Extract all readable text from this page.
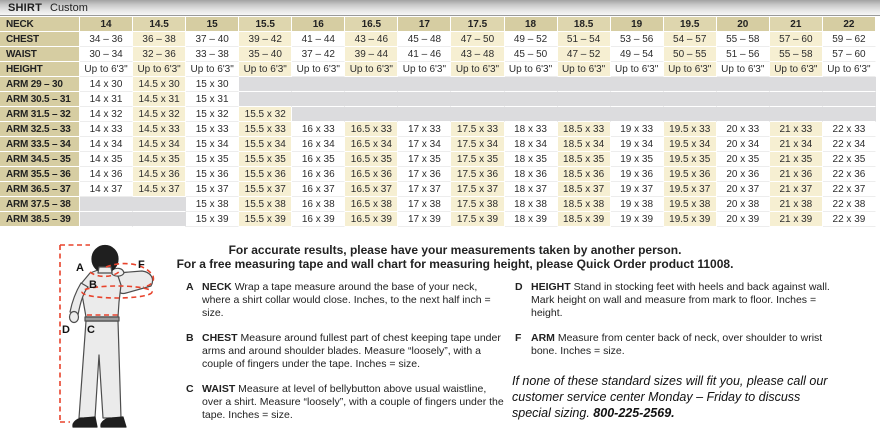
SHIRT Custom
NECK	14	14.5	15	15.5	16	16.5	17	17.5	18	18.5	19	19.5	20	21	22
CHEST	34 – 36	36 – 38	37 – 40	39 – 42	41 – 44	43 – 46	45 – 48	47 – 50	49 – 52	51 – 54	53 – 56	54 – 57	55 – 58	57 – 60	59 – 62
WAIST	30 – 34	32 – 36	33 – 38	35 – 40	37 – 42	39 – 44	41 – 46	43 – 48	45 – 50	47 – 52	49 – 54	50 – 55	51 – 56	55 – 58	57 – 60
HEIGHT	Up to 6'3"	Up to 6'3"	Up to 6'3"	Up to 6'3"	Up to 6'3"	Up to 6'3"	Up to 6'3"	Up to 6'3"	Up to 6'3"	Up to 6'3"	Up to 6'3"	Up to 6'3"	Up to 6'3"	Up to 6'3"	Up to 6'3"
ARM 29 – 30	14 x 30	14.5 x 30	15 x 30												
ARM 30.5 – 31	14 x 31	14.5 x 31	15 x 31												
ARM 31.5 – 32	14 x 32	14.5 x 32	15 x 32	15.5 x 32											
ARM 32.5 – 33	14 x 33	14.5 x 33	15 x 33	15.5 x 33	16 x 33	16.5 x 33	17 x 33	17.5 x 33	18 x 33	18.5 x 33	19 x 33	19.5 x 33	20 x 33	21 x 33	22 x 33
ARM 33.5 – 34	14 x 34	14.5 x 34	15 x 34	15.5 x 34	16 x 34	16.5 x 34	17 x 34	17.5 x 34	18 x 34	18.5 x 34	19 x 34	19.5 x 34	20 x 34	21 x 34	22 x 34
ARM 34.5 – 35	14 x 35	14.5 x 35	15 x 35	15.5 x 35	16 x 35	16.5 x 35	17 x 35	17.5 x 35	18 x 35	18.5 x 35	19 x 35	19.5 x 35	20 x 35	21 x 35	22 x 35
ARM 35.5 – 36	14 x 36	14.5 x 36	15 x 36	15.5 x 36	16 x 36	16.5 x 36	17 x 36	17.5 x 36	18 x 36	18.5 x 36	19 x 36	19.5 x 36	20 x 36	21 x 36	22 x 36
ARM 36.5 – 37	14 x 37	14.5 x 37	15 x 37	15.5 x 37	16 x 37	16.5 x 37	17 x 37	17.5 x 37	18 x 37	18.5 x 37	19 x 37	19.5 x 37	20 x 37	21 x 37	22 x 37
ARM 37.5 – 38			15 x 38	15.5 x 38	16 x 38	16.5 x 38	17 x 38	17.5 x 38	18 x 38	18.5 x 38	19 x 38	19.5 x 38	20 x 38	21 x 38	22 x 38
ARM 38.5 – 39			15 x 39	15.5 x 39	16 x 39	16.5 x 39	17 x 39	17.5 x 39	18 x 39	18.5 x 39	19 x 39	19.5 x 39	20 x 39	21 x 39	22 x 39
A	F
B
D C
For accurate results, please have your measurements taken by another person.
For a free measuring tape and wall chart for measuring height, please Quick Order product 11008.
A NECK Wrap a tape measure around the base of your neck, where a shirt collar would close. Inches, to the next half inch = size.
B CHEST Measure around fullest part of chest keeping tape under arms and around shoulder blades. Measure “loosely”, with a couple of fingers under the tape. Inches = size.
C WAIST Measure at level of bellybutton above usual waistline, over a shirt. Measure “loosely”, with a couple of fingers under the tape. Inches = size.
D HEIGHT Stand in stocking feet with heels and back against wall. Mark height on wall and measure from mark to floor. Inches = height.
F ARM Measure from center back of neck, over shoulder to wrist bone. Inches = size.
If none of these standard sizes will fit you, please call our customer service center Monday – Friday to discuss special sizing. 800-225-2569.
